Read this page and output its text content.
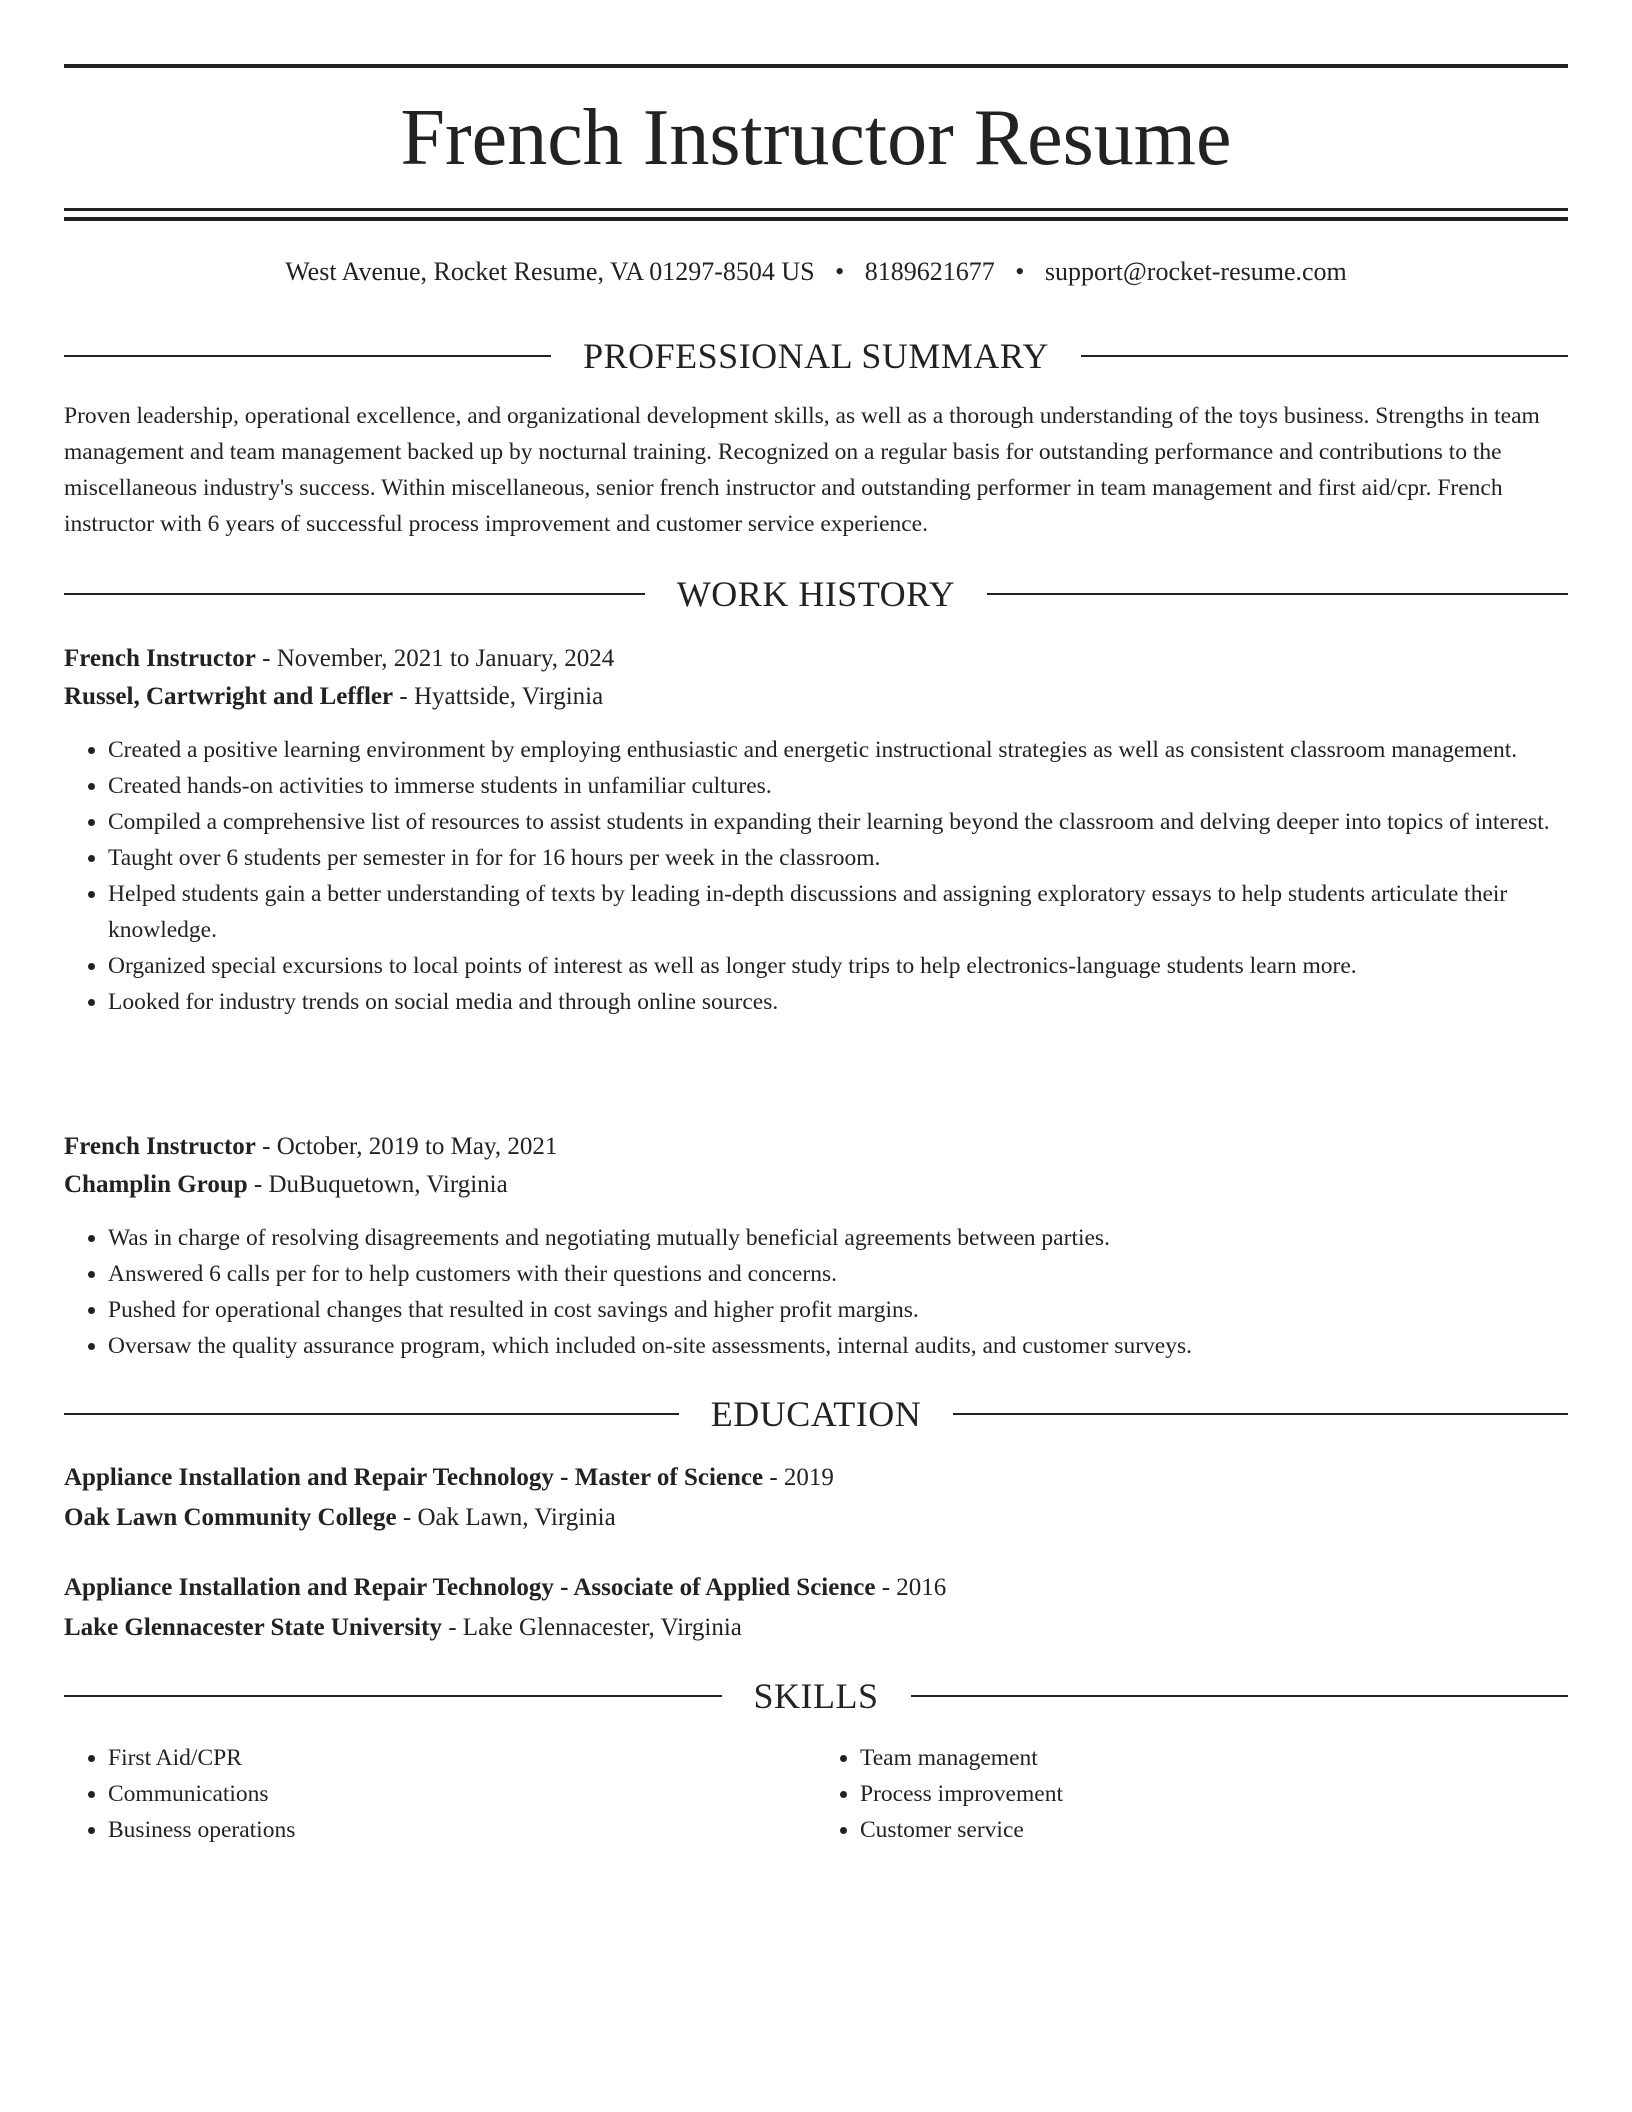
French Instructor Resume
West Avenue, Rocket Resume, VA 01297-8504 US • 8189621677 • support@rocket-resume.com
PROFESSIONAL SUMMARY

Proven leadership, operational excellence, and organizational development skills, as well as a thorough understanding of the toys business. Strengths in team management and team management backed up by nocturnal training. Recognized on a regular basis for outstanding performance and contributions to the miscellaneous industry's success. Within miscellaneous, senior french instructor and outstanding performer in team management and first aid/cpr. French instructor with 6 years of successful process improvement and customer service experience.

WORK HISTORY
French Instructor - November, 2021 to January, 2024
Russel, Cartwright and Leffler - Hyattside, Virginia
• Created a positive learning environment by employing enthusiastic and energetic instructional strategies as well as consistent classroom management.
• Created hands-on activities to immerse students in unfamiliar cultures.
• Compiled a comprehensive list of resources to assist students in expanding their learning beyond the classroom and delving deeper into topics of interest.
• Taught over 6 students per semester in for for 16 hours per week in the classroom.
• Helped students gain a better understanding of texts by leading in-depth discussions and assigning exploratory essays to help students articulate their knowledge.
• Organized special excursions to local points of interest as well as longer study trips to help electronics-language students learn more.
• Looked for industry trends on social media and through online sources.
French Instructor - October, 2019 to May, 2021
Champlin Group - DuBuquetown, Virginia
• Was in charge of resolving disagreements and negotiating mutually beneficial agreements between parties.
• Answered 6 calls per for to help customers with their questions and concerns.
• Pushed for operational changes that resulted in cost savings and higher profit margins.
• Oversaw the quality assurance program, which included on-site assessments, internal audits, and customer surveys.
EDUCATION
Appliance Installation and Repair Technology - Master of Science - 2019
Oak Lawn Community College - Oak Lawn, Virginia
Appliance Installation and Repair Technology - Associate of Applied Science - 2016
Lake Glennacester State University - Lake Glennacester, Virginia
SKILLS
• First Aid/CPR
• Communications
• Business operations
• Team management
• Process improvement
• Customer service
